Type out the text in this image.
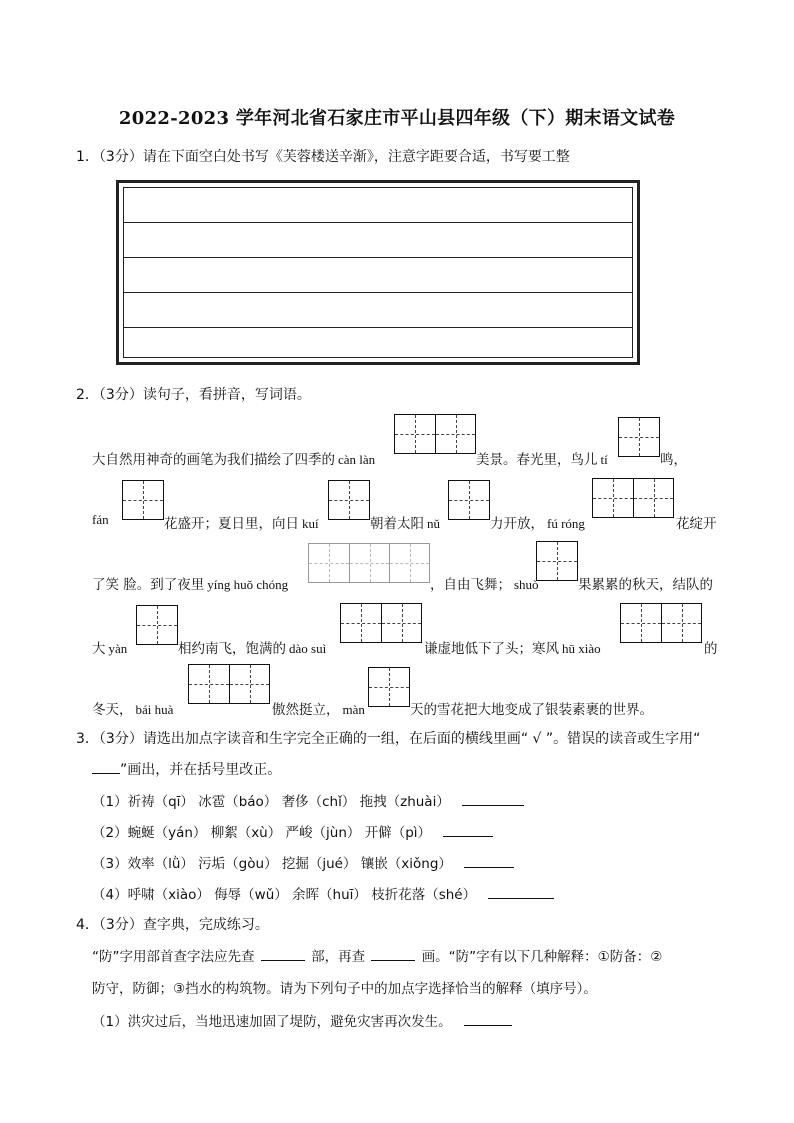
2022-2023 学年河北省石家庄市平山县四年级（下）期末语文试卷
1．（3分）请在下面空白处书写《芙蓉楼送辛渐》，注意字距要合适，书写要工整
2．（3分）读句子，看拼音，写词语。
大自然用神奇的画笔为我们描绘了四季的 càn làn	美景。春光里，鸟儿 tí	鸣，
fán	花盛开；夏日里，向日 kuí	朝着太阳 nǔ	力开放， fú róng	花绽开
了笑 脸。到了夜里 yíng huǒ chóng	，自由飞舞； shuò	果累累的秋天，结队的
大 yàn	相约南飞，饱满的 dào suì	谦虚地低下了头；寒风 hū xiào	的
冬天， bái huà	傲然挺立， màn	天的雪花把大地变成了银装素裹的世界。
3．（3分）请选出加点字读音和生字完全正确的一组，在后面的横线里画“ √ ”。错误的读音或生字用“
”画出，并在括号里改正。
（1）祈祷（qī） 冰雹（báo） 奢侈（chǐ） 拖拽（zhuài）
（2）蜿蜒（yán） 柳絮（xù） 严峻（jùn） 开僻（pì）
（3）效率（lǜ） 污垢（gòu） 挖掘（jué） 镶嵌（xiǒng）
（4）呼啸（xiào） 侮辱（wǔ） 余晖（huī） 枝折花落（shé）
4．（3分）查字典，完成练习。
“防”字用部首查字法应先查	部，再查	画。“防”字有以下几种解释：①防备：②
防守，防御；③挡水的构筑物。请为下列句子中的加点字选择恰当的解释（填序号）。
（1）洪灾过后，当地迅速加固了堤防，避免灾害再次发生。
